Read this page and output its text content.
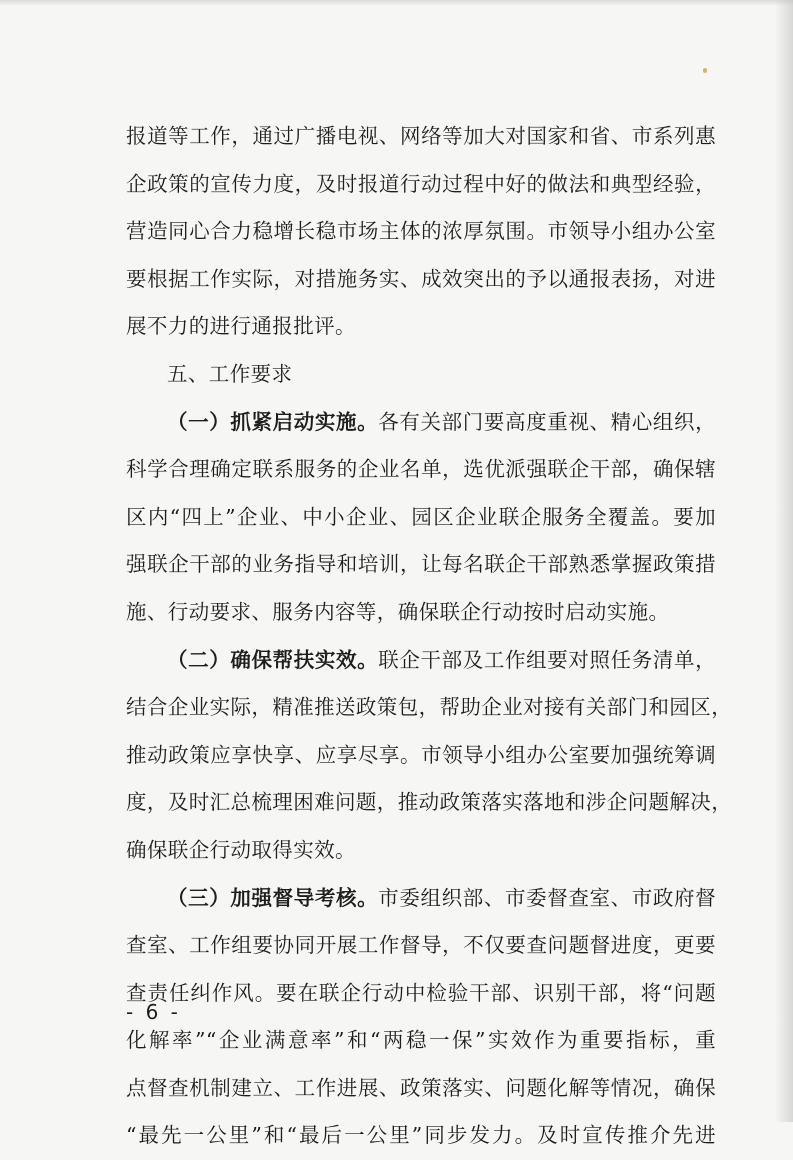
报道等工作，通过广播电视、网络等加大对国家和省、市系列惠
企政策的宣传力度，及时报道行动过程中好的做法和典型经验，
营造同心合力稳增长稳市场主体的浓厚氛围。市领导小组办公室
要根据工作实际，对措施务实、成效突出的予以通报表扬，对进
展不力的进行通报批评。
五、工作要求
（一）抓紧启动实施。各有关部门要高度重视、精心组织，
科学合理确定联系服务的企业名单，选优派强联企干部，确保辖
区内“四上”企业、中小企业、园区企业联企服务全覆盖。要加
强联企干部的业务指导和培训，让每名联企干部熟悉掌握政策措
施、行动要求、服务内容等，确保联企行动按时启动实施。
（二）确保帮扶实效。联企干部及工作组要对照任务清单，
结合企业实际，精准推送政策包，帮助企业对接有关部门和园区，
推动政策应享快享、应享尽享。市领导小组办公室要加强统筹调
度，及时汇总梳理困难问题，推动政策落实落地和涉企问题解决，
确保联企行动取得实效。
（三）加强督导考核。市委组织部、市委督查室、市政府督
查室、工作组要协同开展工作督导，不仅要查问题督进度，更要
查责任纠作风。要在联企行动中检验干部、识别干部，将“问题
化解率”“企业满意率”和“两稳一保”实效作为重要指标，重
点督查机制建立、工作进展、政策落实、问题化解等情况，确保
“最先一公里”和“最后一公里”同步发力。及时宣传推介先进
- 6 -
